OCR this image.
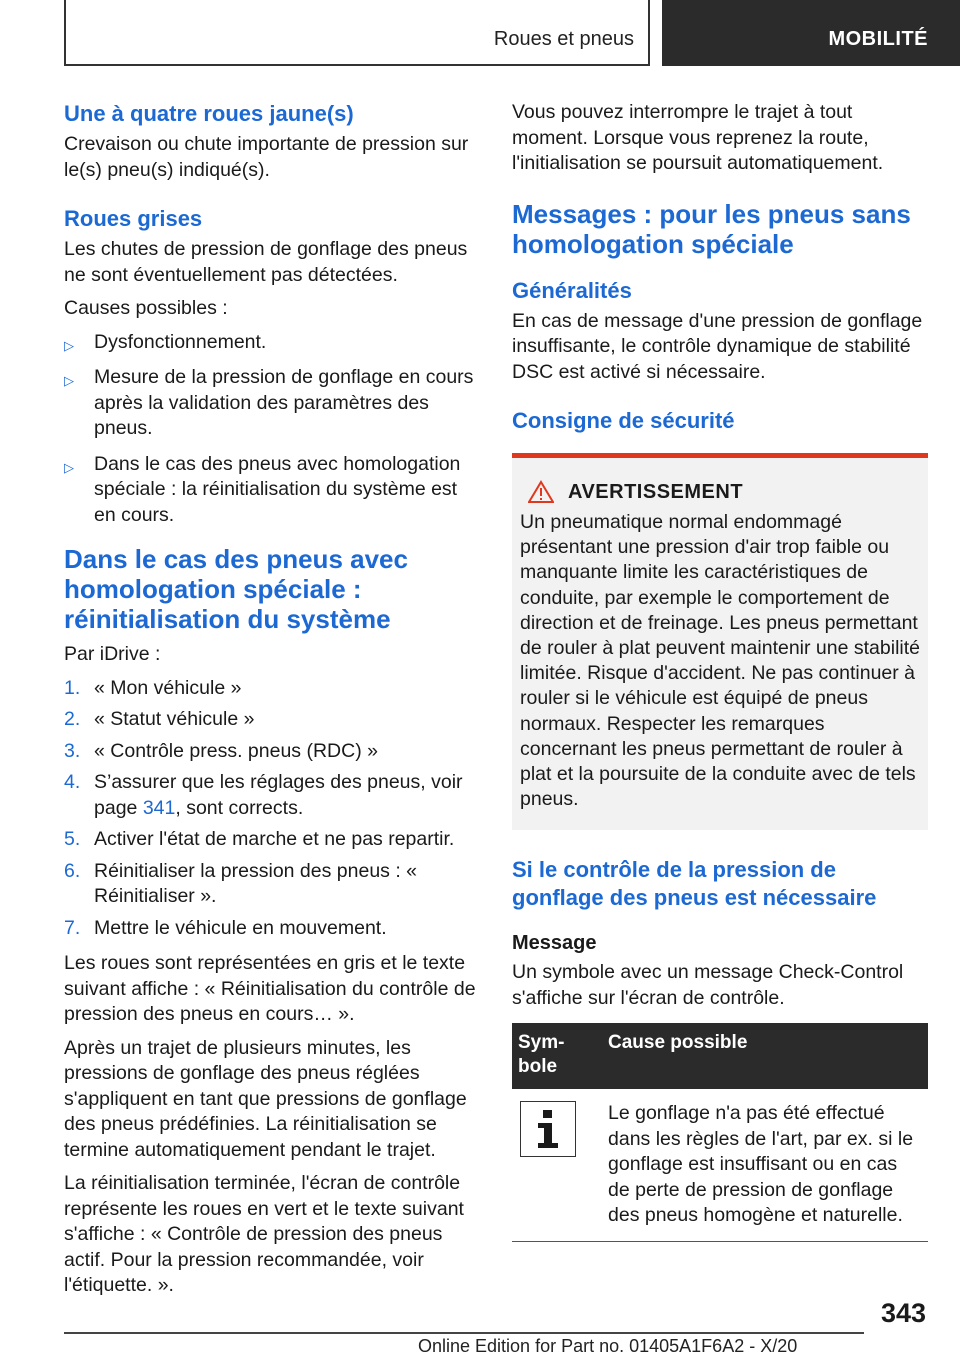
Roues et pneus	MOBILITÉ
Une à quatre roues jaune(s)

Crevaison ou chute importante de pression sur le(s) pneu(s) indiqué(s).

Roues grises

Les chutes de pression de gonflage des pneus ne sont éventuellement pas détectées.

Causes possibles :

▷ Dysfonctionnement.
▷ Mesure de la pression de gonflage en cours après la validation des paramètres des pneus.
▷ Dans le cas des pneus avec homologation spéciale : la réinitialisation du système est en cours.
Dans le cas des pneus avec homologation spéciale : réinitialisation du système

Par iDrive :

1. « Mon véhicule »
2. « Statut véhicule »
3. « Contrôle press. pneus (RDC) »
4. S’assurer que les réglages des pneus, voir page 341, sont corrects.
5. Activer l'état de marche et ne pas repartir.
6. Réinitialiser la pression des pneus : « Réinitialiser ».
7. Mettre le véhicule en mouvement.

Les roues sont représentées en gris et le texte suivant affiche : « Réinitialisation du contrôle de pression des pneus en cours… ».

Après un trajet de plusieurs minutes, les pressions de gonflage des pneus réglées s'appliquent en tant que pressions de gonflage des pneus prédéfinies. La réinitialisation se termine automatiquement pendant le trajet.

La réinitialisation terminée, l'écran de contrôle représente les roues en vert et le texte suivant s'affiche : « Contrôle de pression des pneus actif. Pour la pression recommandée, voir l'étiquette. ».

Vous pouvez interrompre le trajet à tout moment. Lorsque vous reprenez la route, l'initialisation se poursuit automatiquement.

Messages : pour les pneus sans homologation spéciale
Généralités

En cas de message d'une pression de gonflage insuffisante, le contrôle dynamique de stabilité DSC est activé si nécessaire.

Consigne de sécurité
AVERTISSEMENT

Un pneumatique normal endommagé présentant une pression d'air trop faible ou manquante limite les caractéristiques de conduite, par exemple le comportement de direction et de freinage. Les pneus permettant de rouler à plat peuvent maintenir une stabilité limitée. Risque d'accident. Ne pas continuer à rouler si le véhicule est équipé de pneus normaux. Respecter les remarques concernant les pneus permettant de rouler à plat et la poursuite de la conduite avec de tels pneus.

Si le contrôle de la pression de gonflage des pneus est nécessaire
Message

Un symbole avec un message Check-Control s'affiche sur l'écran de contrôle.

Sym-bole	Cause possible

	Le gonflage n'a pas été effectué dans les règles de l'art, par ex. si le gonflage est insuffisant ou en cas de perte de pression de gonflage des pneus homogène et naturelle.
343
Online Edition for Part no. 01405A1F6A2 - X/20
